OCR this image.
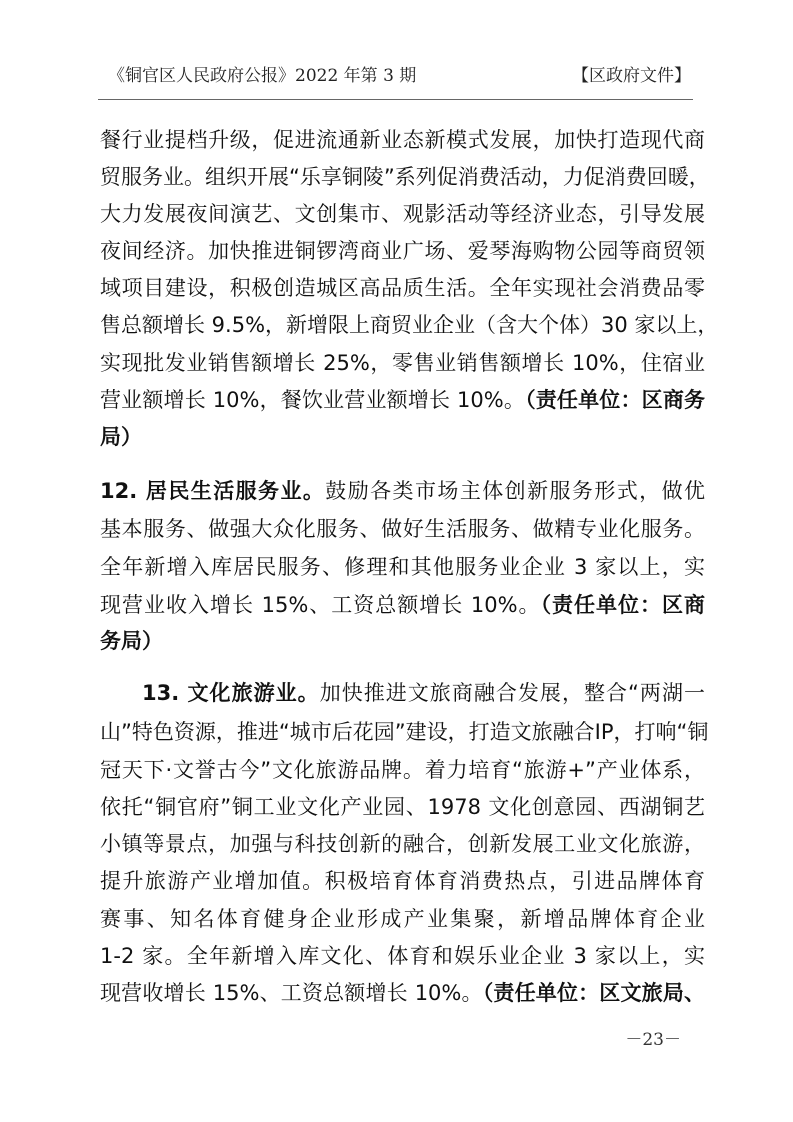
《铜官区人民政府公报》2022 年第 3 期	【区政府文件】
餐行业提档升级，促进流通新业态新模式发展，加快打造现代商
贸服务业。组织开展“乐享铜陵”系列促消费活动，力促消费回暖，
大力发展夜间演艺、文创集市、观影活动等经济业态，引导发展
夜间经济。加快推进铜锣湾商业广场、爱琴海购物公园等商贸领
域项目建设，积极创造城区高品质生活。全年实现社会消费品零
售总额增长 9.5%，新增限上商贸业企业（含大个体）30 家以上，
实现批发业销售额增长 25%，零售业销售额增长 10%，住宿业
营业额增长 10%，餐饮业营业额增长 10%。（责任单位：区商务
局）
12. 居民生活服务业。鼓励各类市场主体创新服务形式，做优
基本服务、做强大众化服务、做好生活服务、做精专业化服务。
全年新增入库居民服务、修理和其他服务业企业 3 家以上，实
现营业收入增长 15%、工资总额增长 10%。（责任单位：区商
务局）
13. 文化旅游业。加快推进文旅商融合发展，整合“两湖一
山”特色资源，推进“城市后花园”建设，打造文旅融合IP，打响“铜
冠天下·文誉古今”文化旅游品牌。着力培育“旅游+”产业体系，
依托“铜官府”铜工业文化产业园、1978 文化创意园、西湖铜艺
小镇等景点，加强与科技创新的融合，创新发展工业文化旅游，
提升旅游产业增加值。积极培育体育消费热点，引进品牌体育
赛事、知名体育健身企业形成产业集聚，新增品牌体育企业
1-2 家。全年新增入库文化、体育和娱乐业企业 3 家以上，实
现营收增长 15%、工资总额增长 10%。（责任单位：区文旅局、
－23－
